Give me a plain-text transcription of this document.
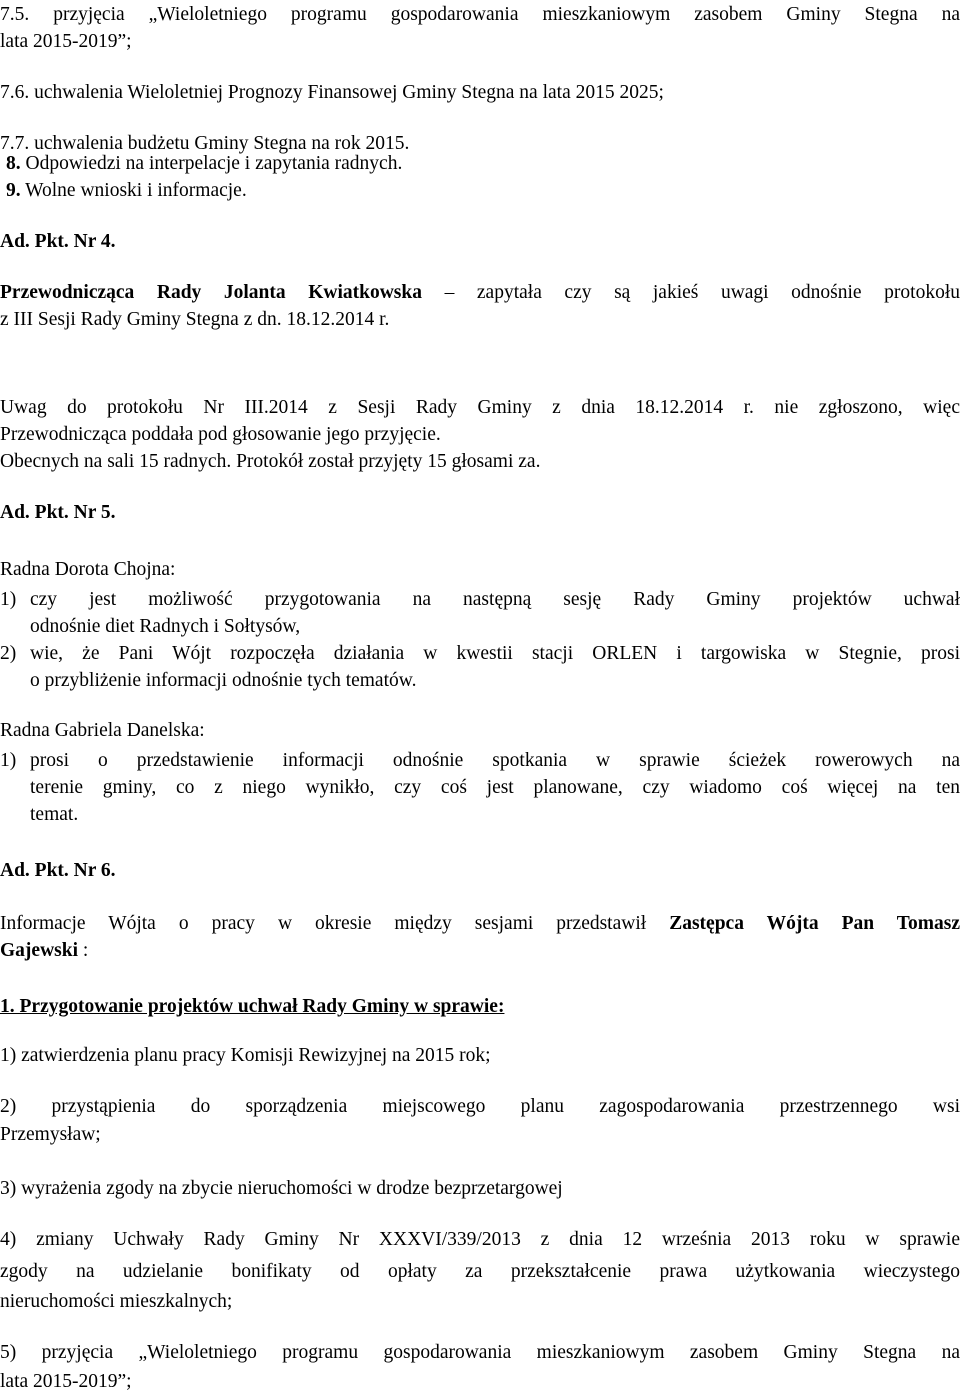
7.5. przyjęcia „Wieloletniego programu gospodarowania mieszkaniowym zasobem Gminy Stegna na
lata 2015-2019”;
7.6. uchwalenia Wieloletniej Prognozy Finansowej Gminy Stegna na lata 2015 2025;
7.7. uchwalenia budżetu Gminy Stegna na rok 2015.
8. Odpowiedzi na interpelacje i zapytania radnych.
9. Wolne wnioski i informacje.
Ad. Pkt. Nr 4.
Przewodnicząca Rady Jolanta Kwiatkowska – zapytała czy są jakieś uwagi odnośnie protokołu
z III Sesji Rady Gminy Stegna z dn. 18.12.2014 r.
Uwag do protokołu Nr III.2014 z Sesji Rady Gminy z dnia 18.12.2014 r. nie zgłoszono, więc
Przewodnicząca poddała pod głosowanie jego przyjęcie.
Obecnych na sali 15 radnych. Protokół został przyjęty 15 głosami za.
Ad. Pkt. Nr 5.
Radna Dorota Chojna:
1) czy jest możliwość przygotowania na następną sesję Rady Gminy projektów uchwał
odnośnie diet Radnych i Sołtysów,
2) wie, że Pani Wójt rozpoczęła działania w kwestii stacji ORLEN i targowiska w Stegnie, prosi
o przybliżenie informacji odnośnie tych tematów.
Radna Gabriela Danelska:
1) prosi o przedstawienie informacji odnośnie spotkania w sprawie ścieżek rowerowych na
terenie gminy, co z niego wynikło, czy coś jest planowane, czy wiadomo coś więcej na ten
temat.
Ad. Pkt. Nr 6.
Informacje Wójta o pracy w okresie między sesjami przedstawił Zastępca Wójta Pan Tomasz
Gajewski :
1. Przygotowanie projektów uchwał Rady Gminy w sprawie:
1) zatwierdzenia planu pracy Komisji Rewizyjnej na 2015 rok;
2) przystąpienia do sporządzenia miejscowego planu zagospodarowania przestrzennego wsi
Przemysław;
3) wyrażenia zgody na zbycie nieruchomości w drodze bezprzetargowej
4) zmiany Uchwały Rady Gminy Nr XXXVI/339/2013 z dnia 12 września 2013 roku w sprawie
zgody na udzielanie bonifikaty od opłaty za przekształcenie prawa użytkowania wieczystego
nieruchomości mieszkalnych;
5) przyjęcia „Wieloletniego programu gospodarowania mieszkaniowym zasobem Gminy Stegna na
lata 2015-2019”;
